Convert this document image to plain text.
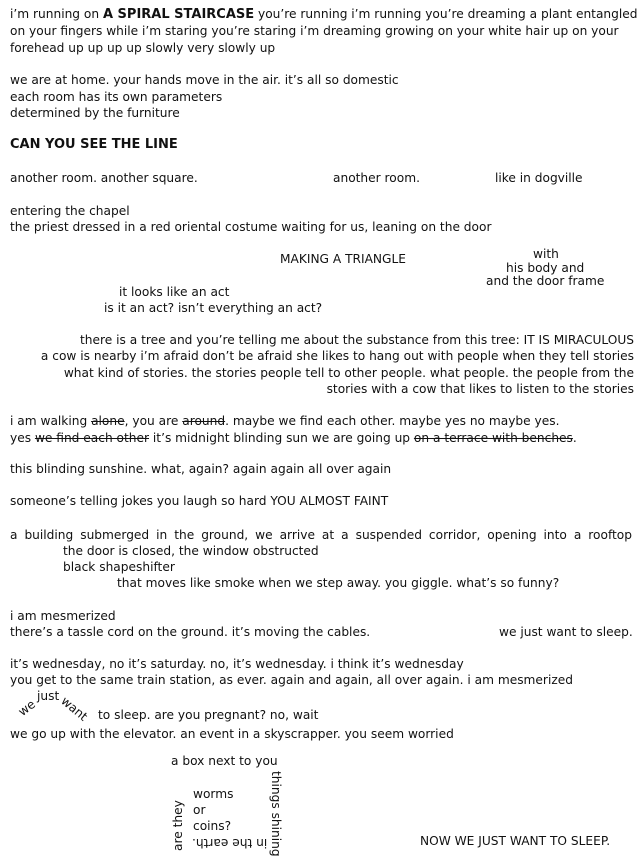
i’m running on A SPIRAL STAIRCASE you’re running i’m running you’re dreaming a plant entangled
on your fingers while i’m staring you’re staring i’m dreaming growing on your white hair up on your
forehead up up up up slowly very slowly up
we are at home. your hands move in the air. it’s all so domestic
each room has its own parameters
determined by the furniture
CAN YOU SEE THE LINE
another room. another square.	another room.	like in dogville
entering the chapel
the priest dressed in a red oriental costume waiting for us, leaning on the door
MAKING A TRIANGLE	with
his body and
and the door frame
it looks like an act
is it an act? isn’t everything an act?
there is a tree and you’re telling me about the substance from this tree: IT IS MIRACULOUS
a cow is nearby i’m afraid don’t be afraid she likes to hang out with people when they tell stories
what kind of stories. the stories people tell to other people. what people. the people from the
stories with a cow that likes to listen to the stories
i am walking alone, you are around. maybe we find each other. maybe yes no maybe yes.
yes we find each other it’s midnight blinding sun we are going up on a terrace with benches.
this blinding sunshine. what, again? again again all over again
someone’s telling jokes you laugh so hard YOU ALMOST FAINT
a building submerged in the ground, we arrive at a suspended corridor, opening into a rooftop
the door is closed, the window obstructed
black shapeshifter
that moves like smoke when we step away. you giggle. what’s so funny?
i am mesmerized
there’s a tassle cord on the ground. it’s moving the cables.	we just want to sleep.
it’s wednesday, no it’s saturday. no, it’s wednesday. i think it’s wednesday
you get to the same train station, as ever. again and again, all over again. i am mesmerized
we
just want to sleep. are you pregnant? no, wait
we go up with the elevator. an event in a skyscrapper. you seem worried
a box next to you
things shining
in the earth.
are they
worms
or
coins?
NOW WE JUST WANT TO SLEEP.
